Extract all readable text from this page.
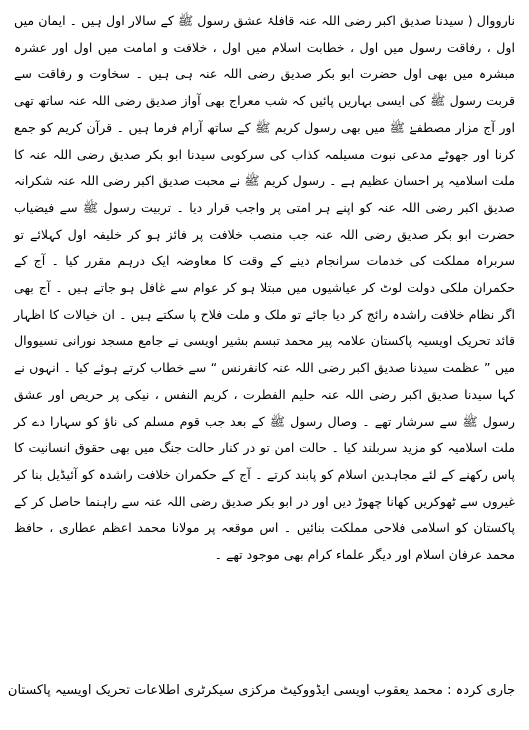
نارووال ( سیدنا صدیق اکبر رضی اللہ عنہ قافلۂ عشق رسول ﷺ کے سالار اول ہیں ۔ ایمان میں اول ، رفاقت رسول میں اول ، خطابت اسلام میں اول ، خلافت و امامت میں اول اور عشرہ مبشرہ میں بھی اول حضرت ابو بکر صدیق رضی اللہ عنہ ہی ہیں ۔ سخاوت و رفاقت سے قربت رسول ﷺ کی ایسی بہاریں پائیں کہ شب معراج بھی آواز صدیق رضی اللہ عنہ ساتھ تھی اور آج مزار مصطفےٰ ﷺ میں بھی رسول کریم ﷺ کے ساتھ آرام فرما ہیں ۔ قرآن کریم کو جمع کرنا اور جھوٹے مدعی نبوت مسیلمہ کذاب کی سرکوبی سیدنا ابو بکر صدیق رضی اللہ عنہ کا ملت اسلامیہ پر احسان عظیم ہے ۔ رسول کریم ﷺ نے محبت صدیق اکبر رضی اللہ عنہ شکرانہ صدیق اکبر رضی اللہ عنہ کو اپنے ہر امتی پر واجب قرار دیا ۔ تربیت رسول ﷺ سے فیضیاب حضرت ابو بکر صدیق رضی اللہ عنہ جب منصب خلافت پر فائز ہو کر خلیفہ اول کہلائے تو سربراہ مملکت کی خدمات سرانجام دینے کے وقت کا معاوضہ ایک درہم مقرر کیا ۔ آج کے حکمران ملکی دولت لوٹ کر عیاشیوں میں مبتلا ہو کر عوام سے غافل ہو جاتے ہیں ۔ آج بھی اگر نظام خلافت راشدہ رائج کر دیا جائے تو ملک و ملت فلاح پا سکتے ہیں ۔ ان خیالات کا اظہار قائد تحریک اویسیہ پاکستان علامہ پیر محمد تبسم بشیر اویسی نے جامع مسجد نورانی نسیووال میں ” عظمت سیدنا صدیق اکبر رضی اللہ عنہ کانفرنس “ سے خطاب کرتے ہوئے کیا ۔ انہوں نے کہا سیدنا صدیق اکبر رضی اللہ عنہ حلیم الفطرت ، کریم النفس ، نیکی پر حریص اور عشق رسول ﷺ سے سرشار تھے ۔ وصال رسول ﷺ کے بعد جب قوم مسلم کی ناؤ کو سہارا دے کر ملت اسلامیہ کو مزید سربلند کیا ۔ حالت امن تو در کنار حالت جنگ میں بھی حقوق انسانیت کا پاس رکھنے کے لئے مجاہدین اسلام کو پابند کرتے ۔ آج کے حکمران خلافت راشدہ کو آئیڈیل بنا کر غیروں سے ٹھوکریں کھانا چھوڑ دیں اور در ابو بکر صدیق رضی اللہ عنہ سے راہنما حاصل کر کے پاکستان کو اسلامی فلاحی مملکت بنائیں ۔ اس موقعہ پر مولانا محمد اعظم عطاری ، حافظ محمد عرفان اسلام اور دیگر علماء کرام بھی موجود تھے ۔

جاری کردہ : محمد یعقوب اویسی ایڈووکیٹ مرکزی سیکرٹری اطلاعات تحریک اویسیہ پاکستان
